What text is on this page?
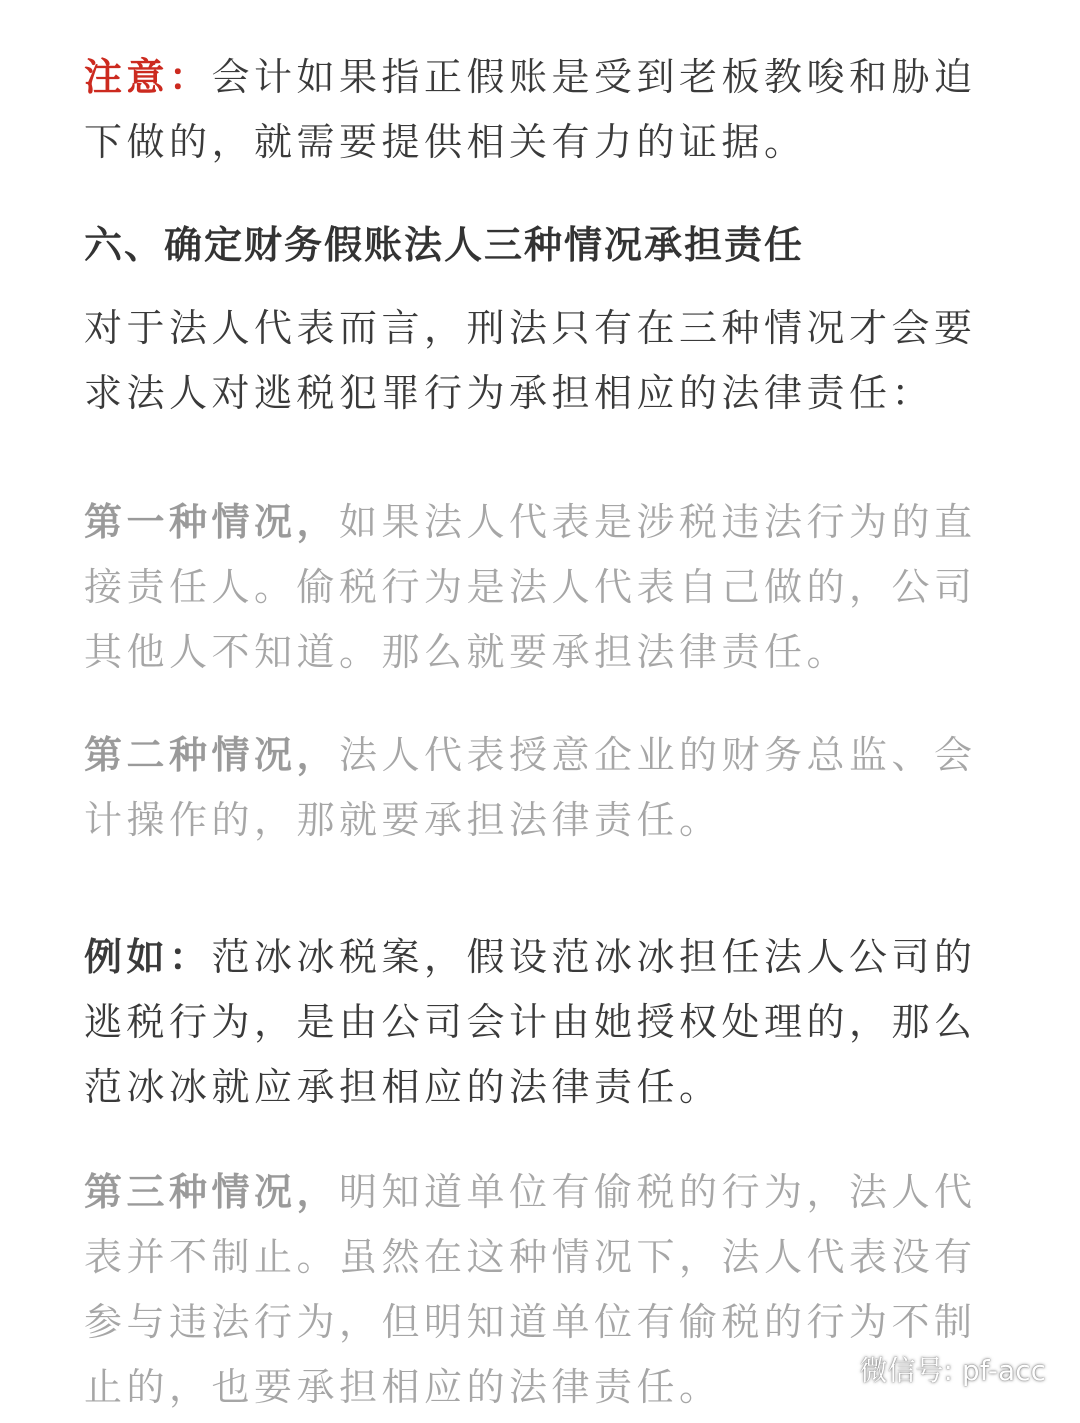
注意：会计如果指正假账是受到老板教唆和胁迫下做的，就需要提供相关有力的证据。

六、确定财务假账法人三种情况承担责任

对于法人代表而言，刑法只有在三种情况才会要求法人对逃税犯罪行为承担相应的法律责任：

第一种情况，如果法人代表是涉税违法行为的直接责任人。偷税行为是法人代表自己做的，公司其他人不知道。那么就要承担法律责任。

第二种情况，法人代表授意企业的财务总监、会计操作的，那就要承担法律责任。

例如：范冰冰税案，假设范冰冰担任法人公司的逃税行为，是由公司会计由她授权处理的，那么范冰冰就应承担相应的法律责任。

第三种情况，明知道单位有偷税的行为，法人代表并不制止。虽然在这种情况下，法人代表没有参与违法行为，但明知道单位有偷税的行为不制止的，也要承担相应的法律责任。	微信号: pf-acc
